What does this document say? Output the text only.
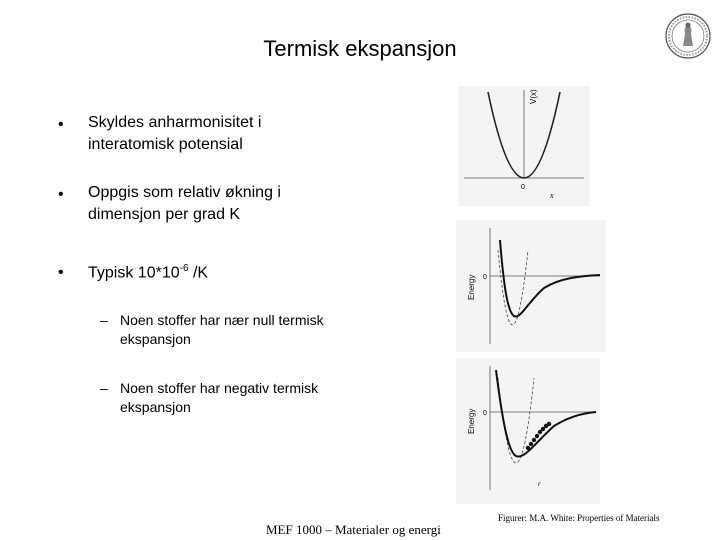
Termisk ekspansjon
• Skyldes anharmonisitet i interatomisk potensial
• Oppgis som relativ økning i dimensjon per grad K
• Typisk $10*10^{-6}$ /K
– Noen stoffer har nær null termisk ekspansjon
– Noen stoffer har negativ termisk ekspansjon
V(x)
0
x
Energy 0
Energy 0
r
MEF 1000 – Materialer og energi
Figurer: M.A. White: Properties of Materials
